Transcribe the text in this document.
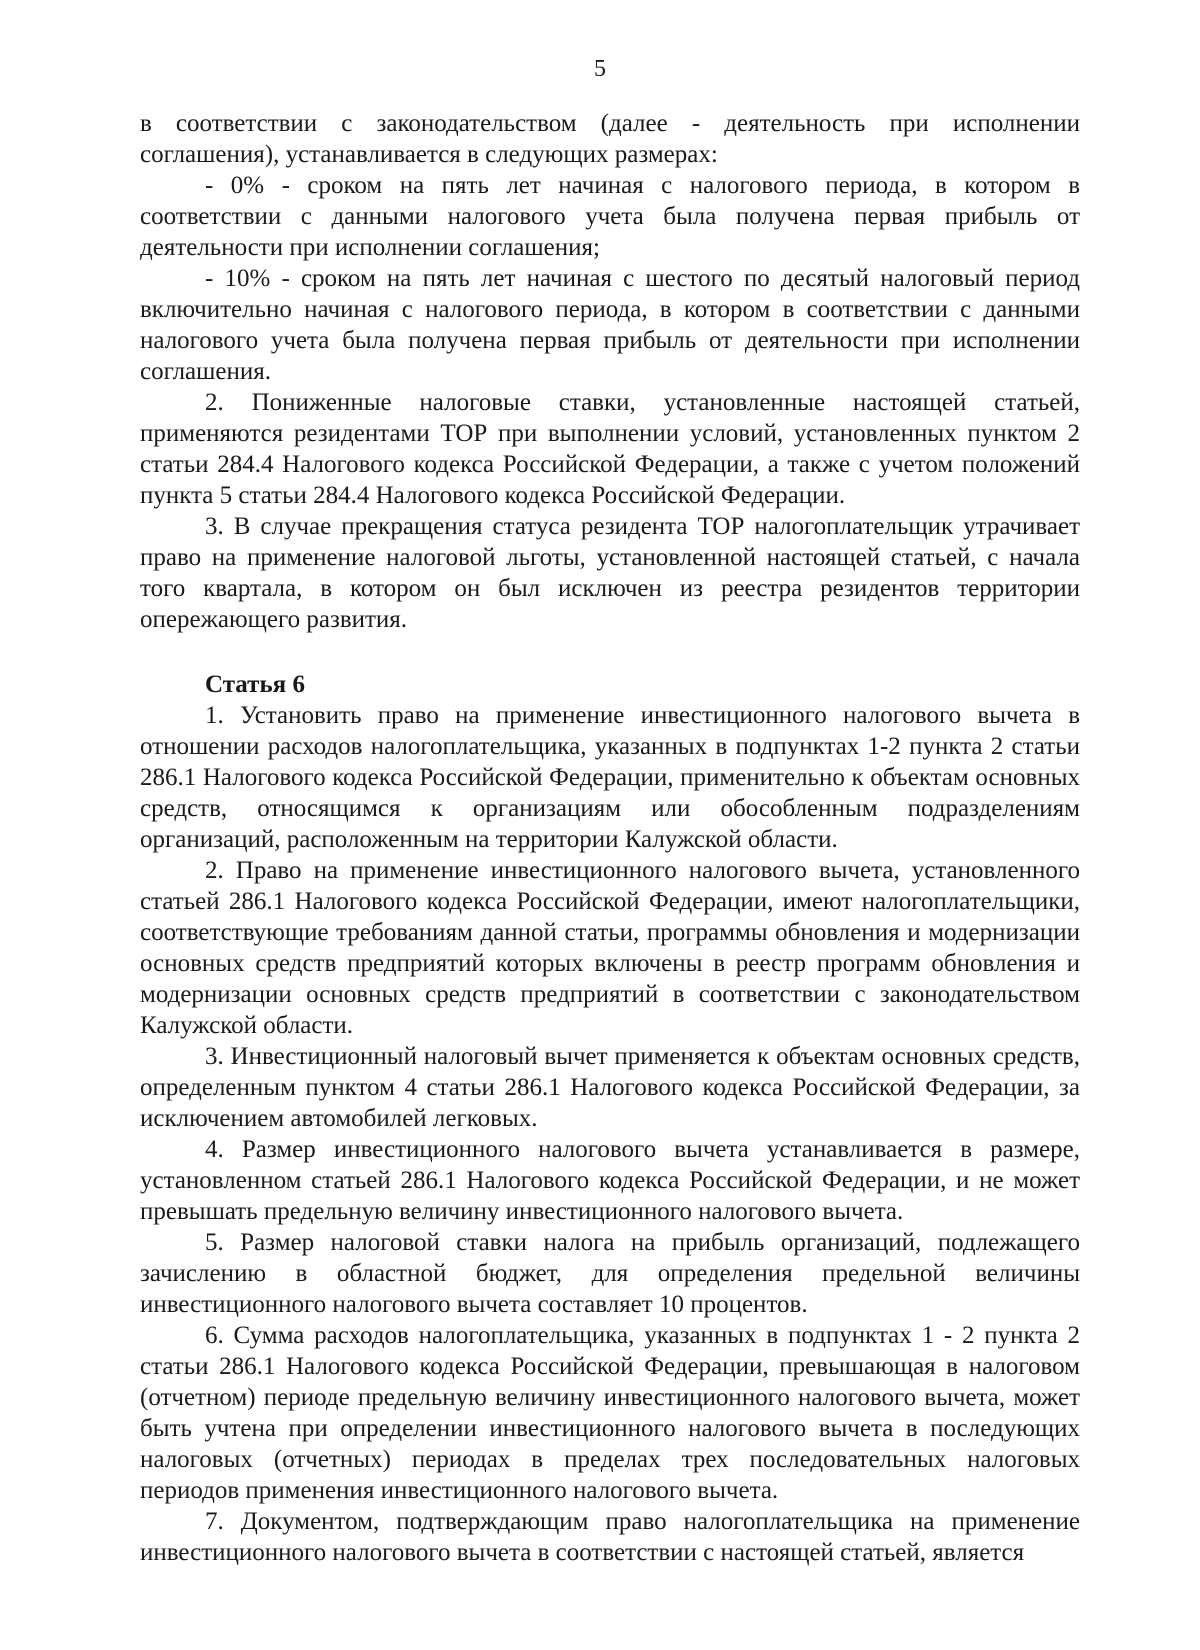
5

в соответствии с законодательством (далее - деятельность при исполнении соглашения), устанавливается в следующих размерах:

- 0% - сроком на пять лет начиная с налогового периода, в котором в соответствии с данными налогового учета была получена первая прибыль от деятельности при исполнении соглашения;

- 10% - сроком на пять лет начиная с шестого по десятый налоговый период включительно начиная с налогового периода, в котором в соответствии с данными налогового учета была получена первая прибыль от деятельности при исполнении соглашения.

2. Пониженные налоговые ставки, установленные настоящей статьей, применяются резидентами ТОР при выполнении условий, установленных пунктом 2 статьи 284.4 Налогового кодекса Российской Федерации, а также с учетом положений пункта 5 статьи 284.4 Налогового кодекса Российской Федерации.

3. В случае прекращения статуса резидента ТОР налогоплательщик утрачивает право на применение налоговой льготы, установленной настоящей статьей, с начала того квартала, в котором он был исключен из реестра резидентов территории опережающего развития.

Статья 6

1. Установить право на применение инвестиционного налогового вычета в отношении расходов налогоплательщика, указанных в подпунктах 1-2 пункта 2 статьи 286.1 Налогового кодекса Российской Федерации, применительно к объектам основных средств, относящимся к организациям или обособленным подразделениям организаций, расположенным на территории Калужской области.

2. Право на применение инвестиционного налогового вычета, установленного статьей 286.1 Налогового кодекса Российской Федерации, имеют налогоплательщики, соответствующие требованиям данной статьи, программы обновления и модернизации основных средств предприятий которых включены в реестр программ обновления и модернизации основных средств предприятий в соответствии с законодательством Калужской области.

3. Инвестиционный налоговый вычет применяется к объектам основных средств, определенным пунктом 4 статьи 286.1 Налогового кодекса Российской Федерации, за исключением автомобилей легковых.

4. Размер инвестиционного налогового вычета устанавливается в размере, установленном статьей 286.1 Налогового кодекса Российской Федерации, и не может превышать предельную величину инвестиционного налогового вычета.

5. Размер налоговой ставки налога на прибыль организаций, подлежащего зачислению в областной бюджет, для определения предельной величины инвестиционного налогового вычета составляет 10 процентов.

6. Сумма расходов налогоплательщика, указанных в подпунктах 1 - 2 пункта 2 статьи 286.1 Налогового кодекса Российской Федерации, превышающая в налоговом (отчетном) периоде предельную величину инвестиционного налогового вычета, может быть учтена при определении инвестиционного налогового вычета в последующих налоговых (отчетных) периодах в пределах трех последовательных налоговых периодов применения инвестиционного налогового вычета.

7. Документом, подтверждающим право налогоплательщика на применение инвестиционного налогового вычета в соответствии с настоящей статьей, является
